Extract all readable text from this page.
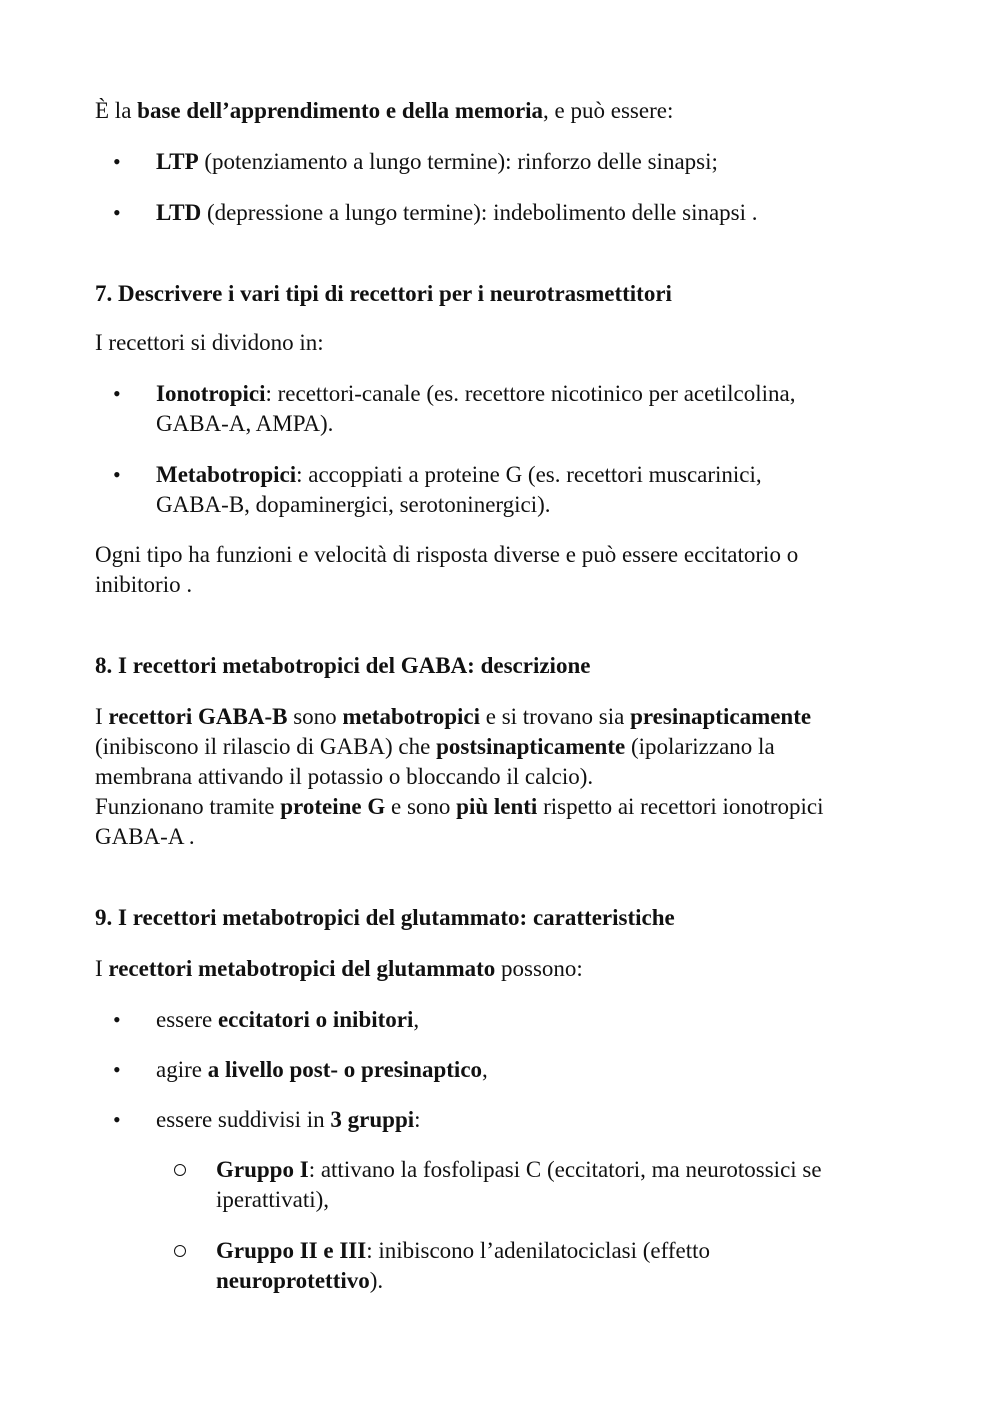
È la base dell’apprendimento e della memoria, e può essere:
• LTP (potenziamento a lungo termine): rinforzo delle sinapsi;
• LTD (depressione a lungo termine): indebolimento delle sinapsi .
7. Descrivere i vari tipi di recettori per i neurotrasmettitori
I recettori si dividono in:
• Ionotropici: recettori-canale (es. recettore nicotinico per acetilcolina,
GABA-A, AMPA).
• Metabotropici: accoppiati a proteine G (es. recettori muscarinici,
GABA-B, dopaminergici, serotoninergici).
Ogni tipo ha funzioni e velocità di risposta diverse e può essere eccitatorio o
inibitorio .
8. I recettori metabotropici del GABA: descrizione
I recettori GABA-B sono metabotropici e si trovano sia presinapticamente
(inibiscono il rilascio di GABA) che postsinapticamente (ipolarizzano la
membrana attivando il potassio o bloccando il calcio).
Funzionano tramite proteine G e sono più lenti rispetto ai recettori ionotropici
GABA-A .
9. I recettori metabotropici del glutammato: caratteristiche
I recettori metabotropici del glutammato possono:
• essere eccitatori o inibitori,
• agire a livello post- o presinaptico,
• essere suddivisi in 3 gruppi:
Gruppo I: attivano la fosfolipasi C (eccitatori, ma neurotossici se
iperattivati),
Gruppo II e III: inibiscono l’adenilatociclasi (effetto
neuroprotettivo).
